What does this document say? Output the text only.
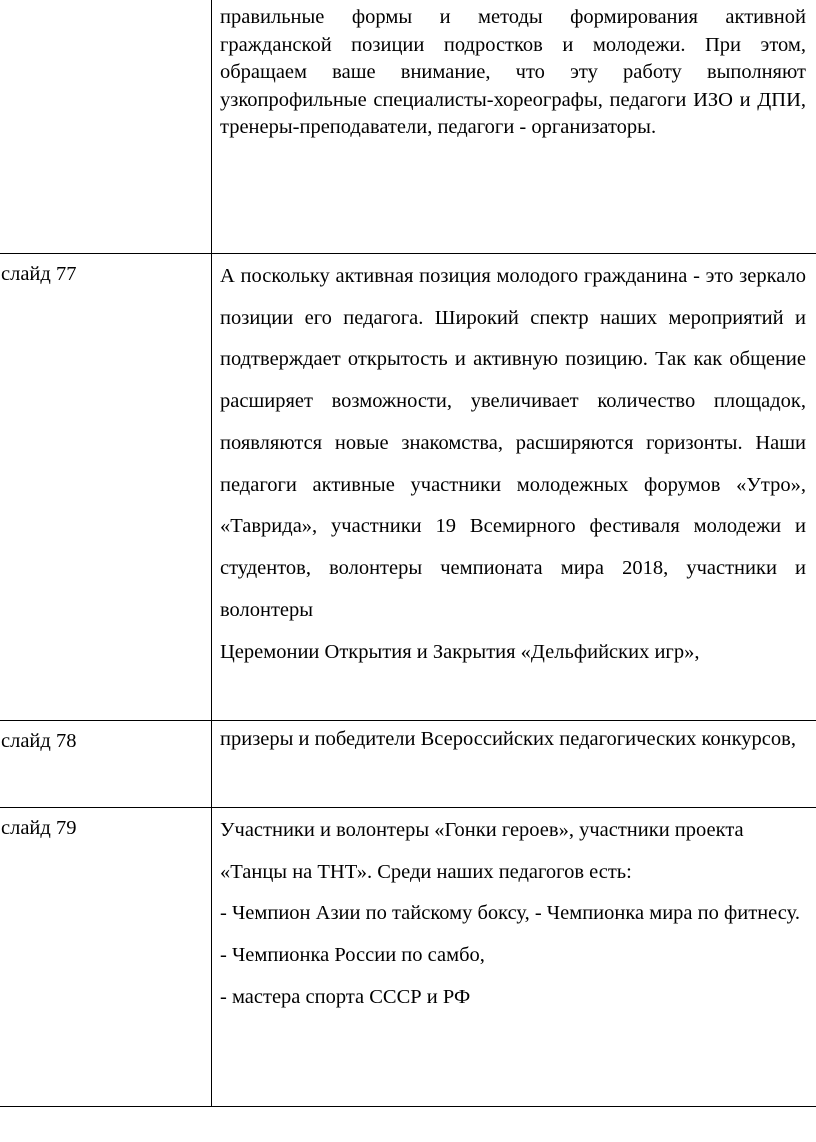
	правильные формы и методы формирования активной гражданской позиции подростков и молодежи. При этом, обращаем ваше внимание, что эту работу выполняют узкопрофильные специалисты-хореографы, педагоги ИЗО и ДПИ, тренеры-преподаватели, педагоги - организаторы.

слайд 77	А поскольку активная позиция молодого гражданина - это зеркало позиции его педагога. Широкий спектр наших мероприятий и подтверждает открытость и активную позицию. Так как общение расширяет возможности, увеличивает количество площадок, появляются новые знакомства, расширяются горизонты. Наши педагоги активные участники молодежных форумов «Утро», «Таврида», участники 19 Всемирного фестиваля молодежи и студентов, волонтеры чемпионата мира 2018, участники и волонтеры

Церемонии Открытия и Закрытия «Дельфийских игр»,

слайд 78	призеры и победители Всероссийских педагогических конкурсов,

слайд 79	Участники и волонтеры «Гонки героев», участники проекта «Танцы на ТНТ». Среди наших педагогов есть:

- Чемпион Азии по тайскому боксу, - Чемпионка мира по фитнесу.

- Чемпионка России по самбо,

- мастера спорта СССР и РФ
